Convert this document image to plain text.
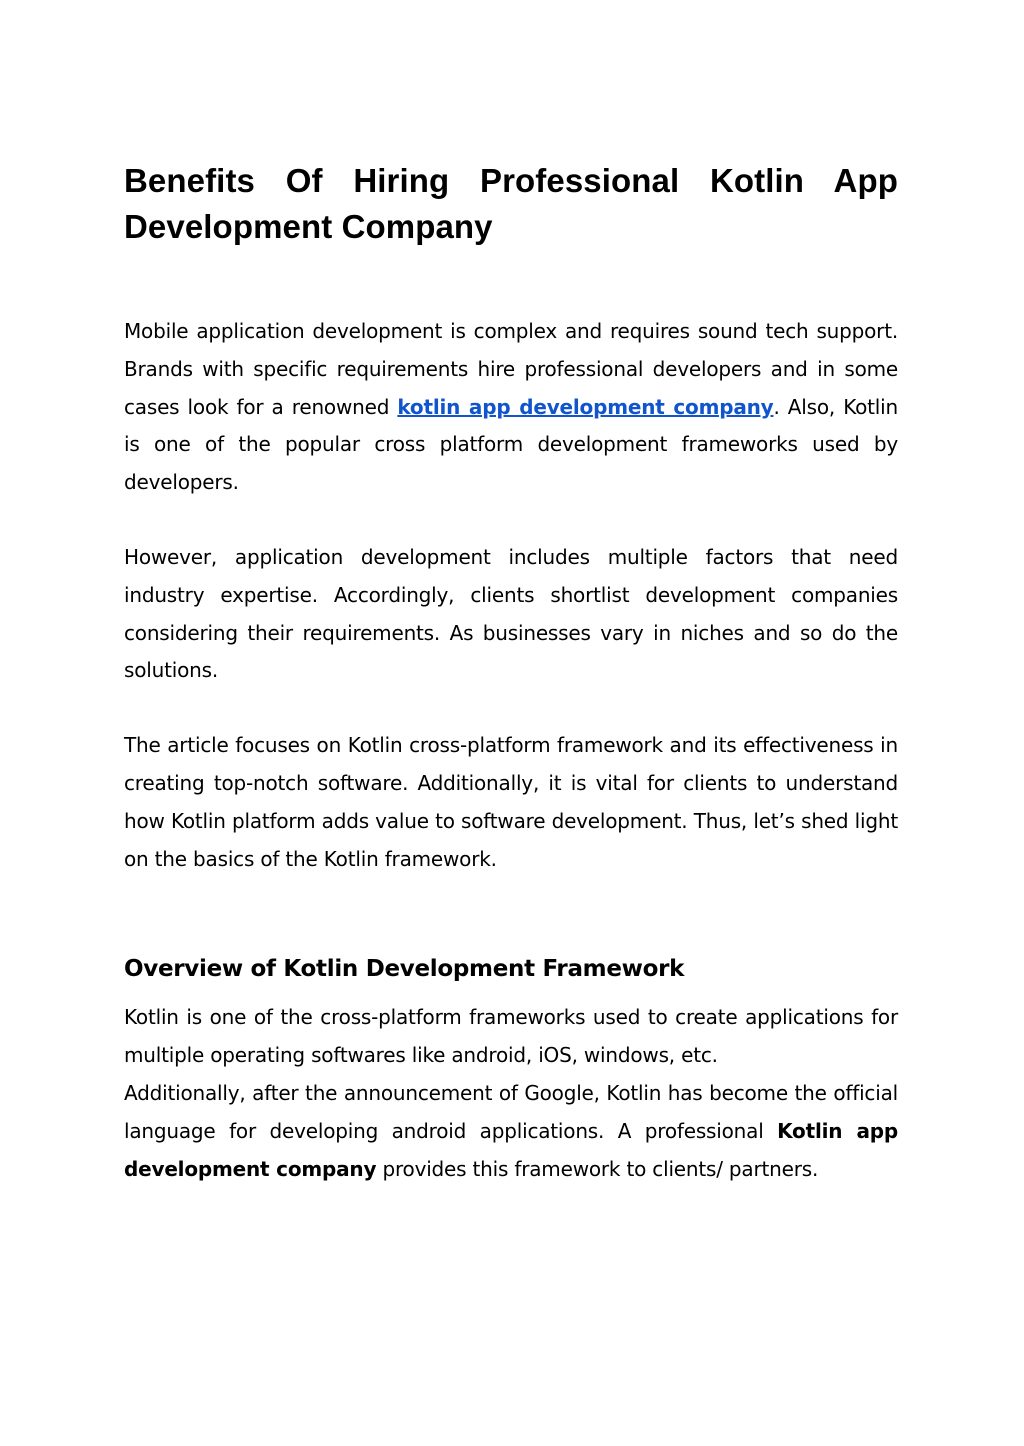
Benefits Of Hiring Professional Kotlin App Development Company

Mobile application development is complex and requires sound tech support. Brands with specific requirements hire professional developers and in some cases look for a renowned kotlin app development company. Also, Kotlin is one of the popular cross platform development frameworks used by developers.

However, application development includes multiple factors that need industry expertise. Accordingly, clients shortlist development companies considering their requirements. As businesses vary in niches and so do the solutions.

The article focuses on Kotlin cross-platform framework and its effectiveness in creating top-notch software. Additionally, it is vital for clients to understand how Kotlin platform adds value to software development. Thus, let’s shed light on the basics of the Kotlin framework.

Overview of Kotlin Development Framework

Kotlin is one of the cross-platform frameworks used to create applications for multiple operating softwares like android, iOS, windows, etc.

Additionally, after the announcement of Google, Kotlin has become the official language for developing android applications. A professional Kotlin app development company provides this framework to clients/ partners.
